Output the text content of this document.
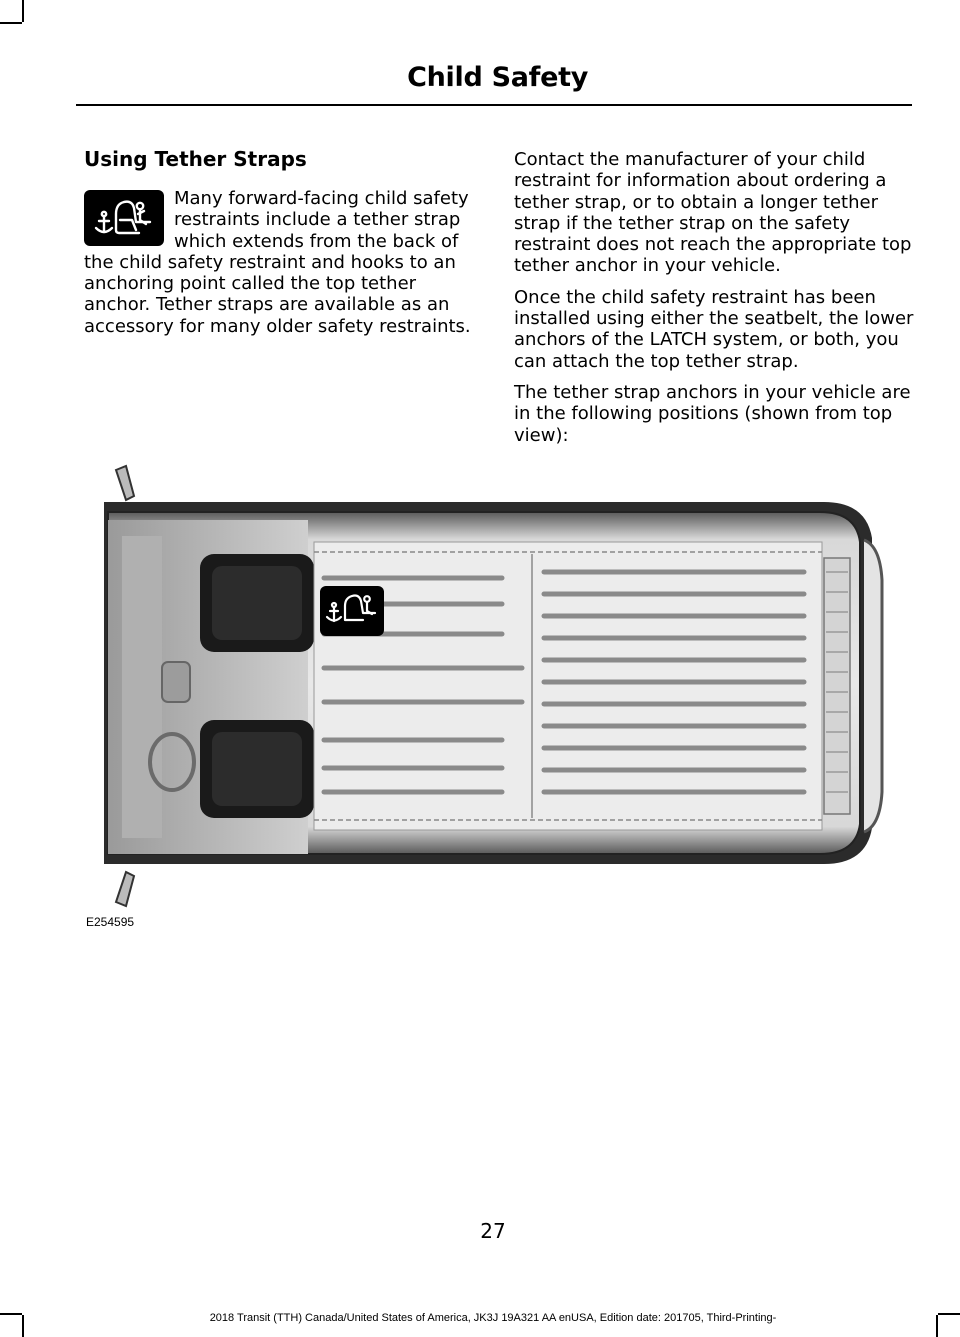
Child Safety
Using Tether Straps

Many forward-facing child safety restraints include a tether strap which extends from the back of the child safety restraint and hooks to an anchoring point called the top tether anchor. Tether straps are available as an accessory for many older safety restraints.

Contact the manufacturer of your child restraint for information about ordering a tether strap, or to obtain a longer tether strap if the tether strap on the safety restraint does not reach the appropriate top tether anchor in your vehicle.

Once the child safety restraint has been installed using either the seatbelt, the lower anchors of the LATCH system, or both, you can attach the top tether strap.

The tether strap anchors in your vehicle are in the following positions (shown from top view):

E254595
27
2018 Transit (TTH) Canada/United States of America, JK3J 19A321 AA enUSA, Edition date: 201705, Third-Printing-
